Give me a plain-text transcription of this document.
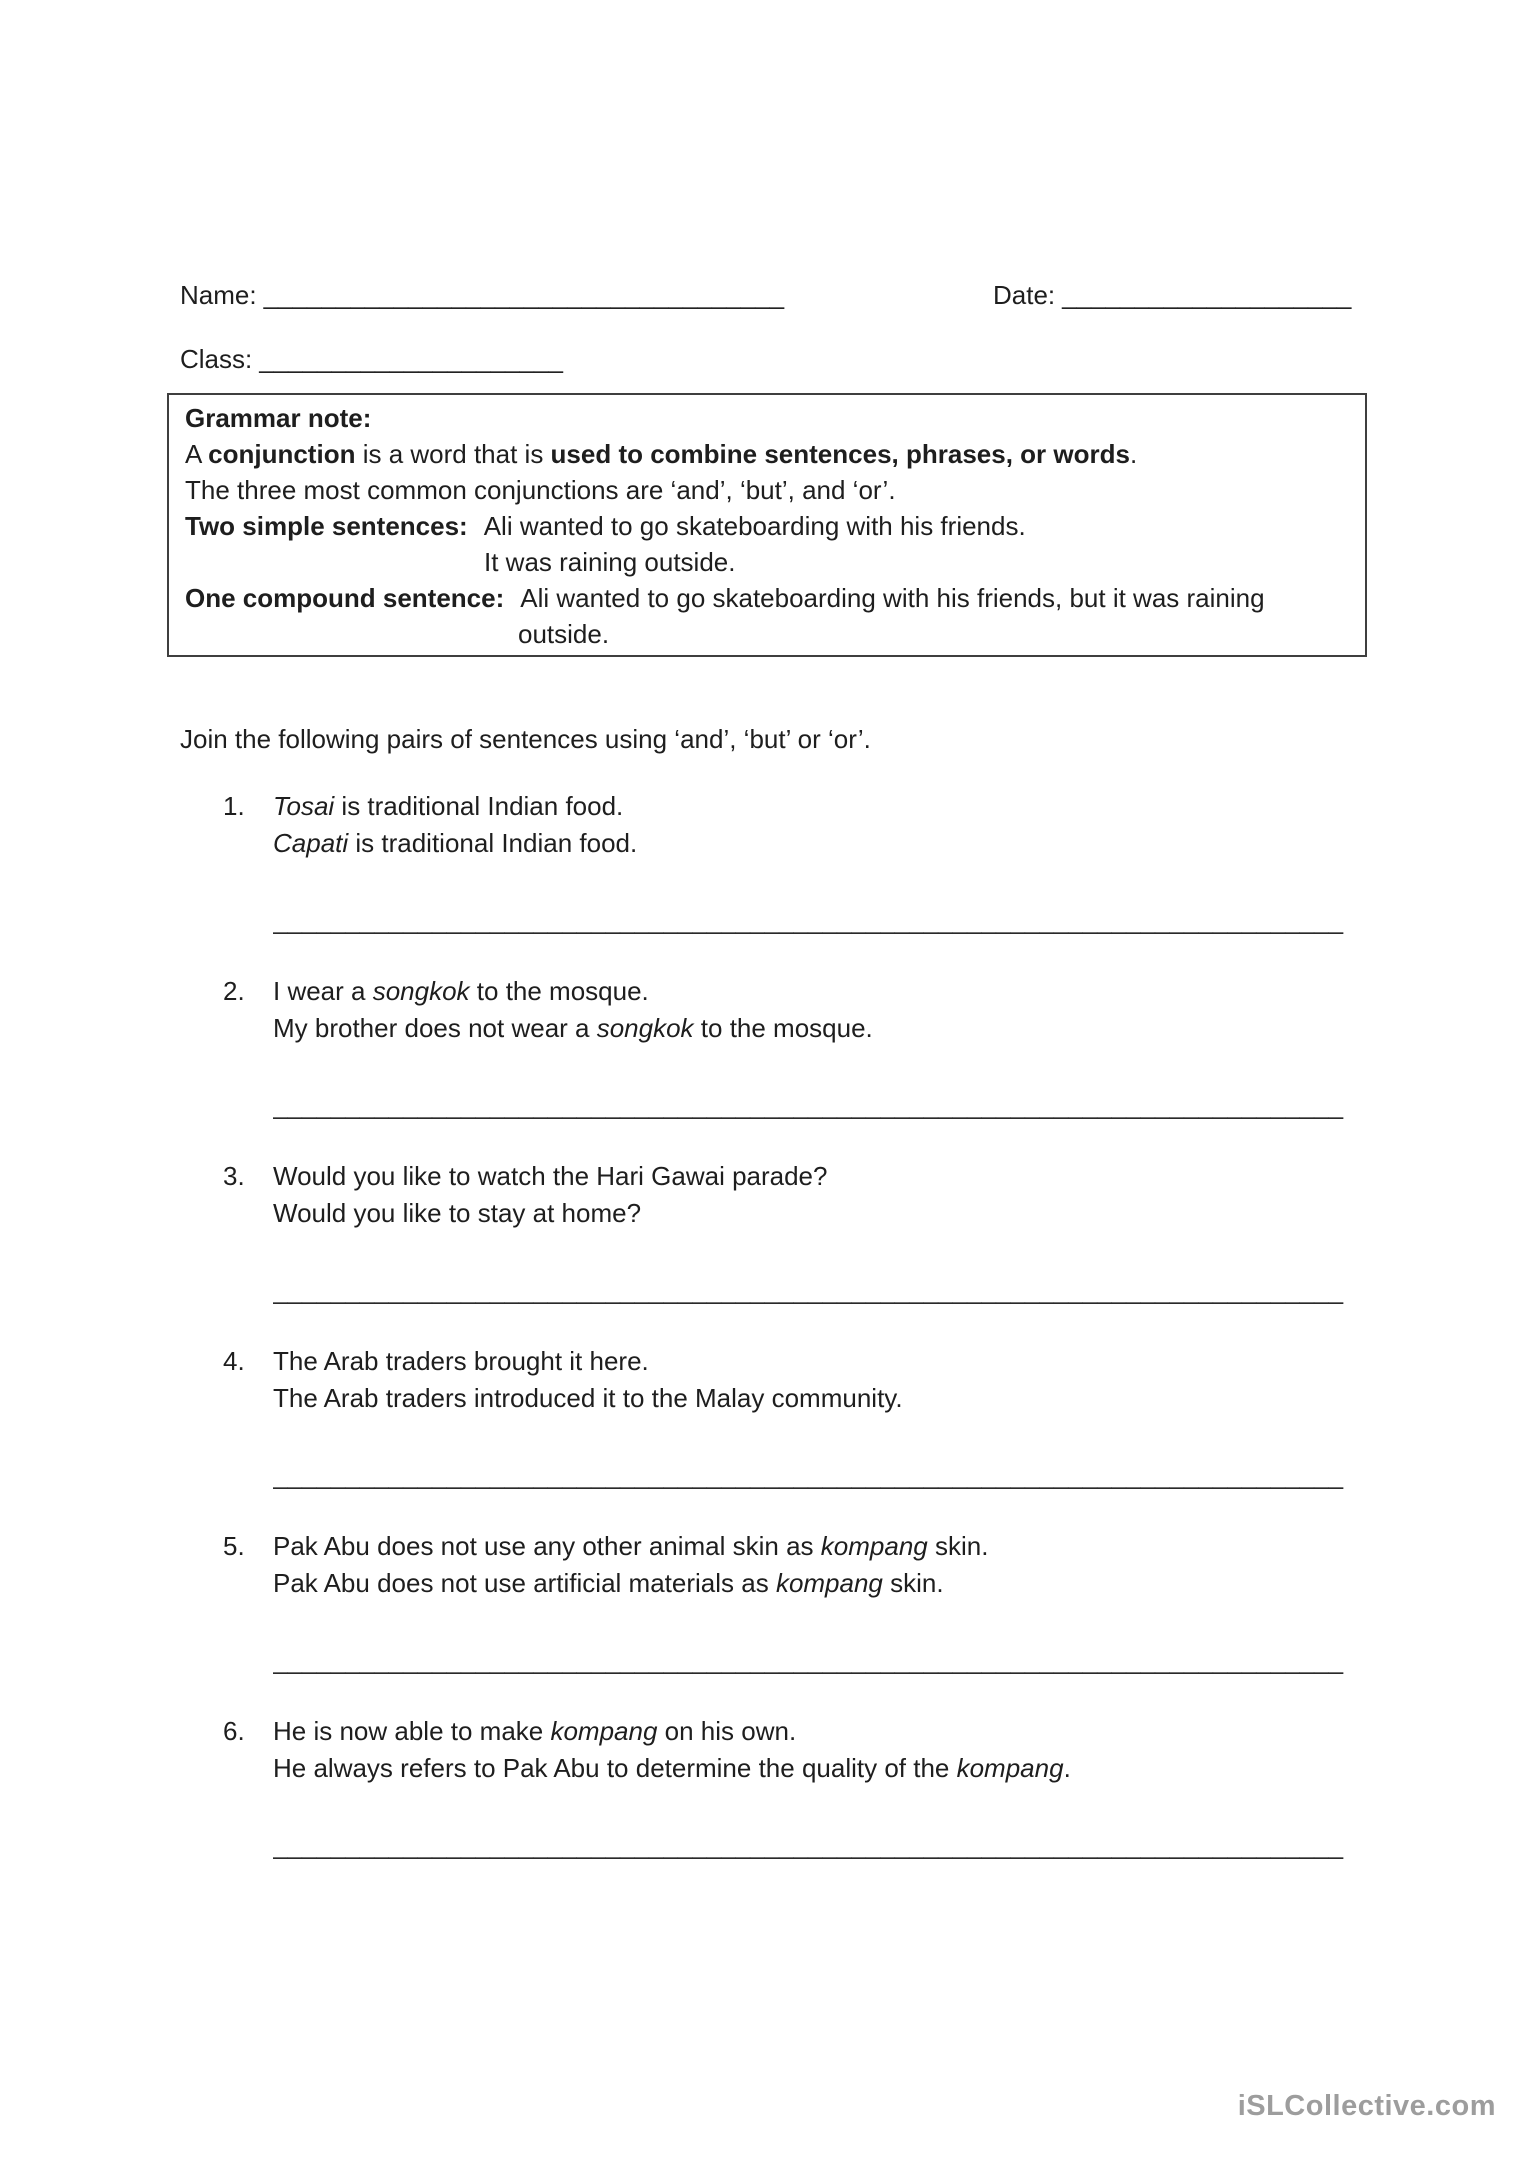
Name: ____________________________________	Date: ____________________
Class: _____________________

Grammar note:

A conjunction is a word that is used to combine sentences, phrases, or words.

The three most common conjunctions are ‘and’, ‘but’, and ‘or’.

Two simple sentences: Ali wanted to go skateboarding with his friends.

It was raining outside.

One compound sentence: Ali wanted to go skateboarding with his friends, but it was raining

outside.

Join the following pairs of sentences using ‘and’, ‘but’ or ‘or’.

1.	Tosai is traditional Indian food.

Capati is traditional Indian food.

__________________________________________________________________________

2.	I wear a songkok to the mosque.

My brother does not wear a songkok to the mosque.

__________________________________________________________________________

3.	Would you like to watch the Hari Gawai parade?

Would you like to stay at home?

__________________________________________________________________________

4.	The Arab traders brought it here.

The Arab traders introduced it to the Malay community.

__________________________________________________________________________

5.	Pak Abu does not use any other animal skin as kompang skin.

Pak Abu does not use artificial materials as kompang skin.

__________________________________________________________________________

6.	He is now able to make kompang on his own.

He always refers to Pak Abu to determine the quality of the kompang.

__________________________________________________________________________

iSLCollective.com
